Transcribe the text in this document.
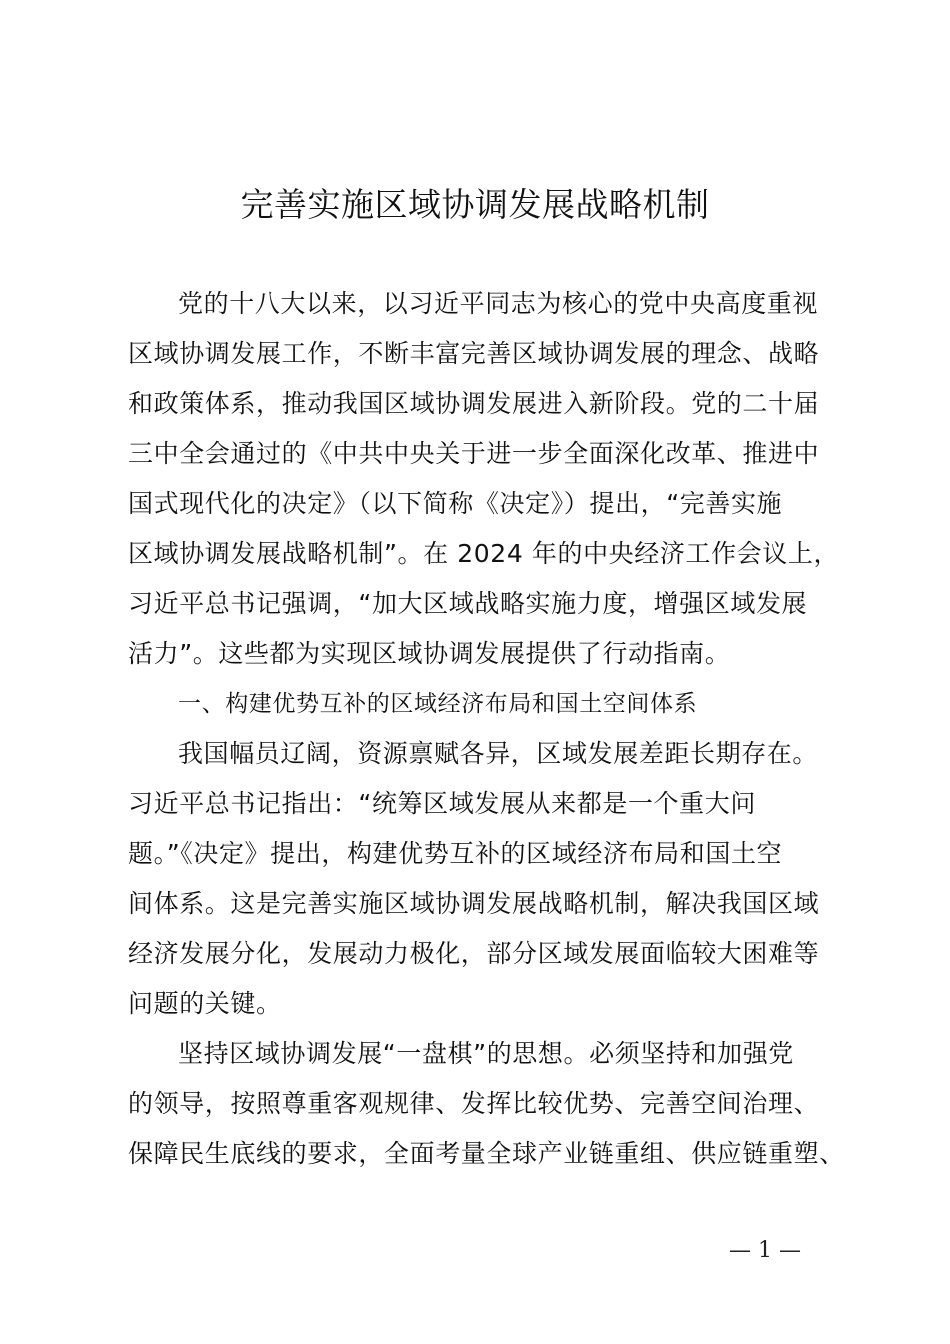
完善实施区域协调发展战略机制
党的十八大以来，以习近平同志为核心的党中央高度重视
区域协调发展工作，不断丰富完善区域协调发展的理念、战略
和政策体系，推动我国区域协调发展进入新阶段。党的二十届
三中全会通过的《中共中央关于进一步全面深化改革、推进中
国式现代化的决定》（以下简称《决定》）提出，“完善实施
区域协调发展战略机制”。在 2024 年的中央经济工作会议上，
习近平总书记强调，“加大区域战略实施力度，增强区域发展
活力”。这些都为实现区域协调发展提供了行动指南。
一、构建优势互补的区域经济布局和国土空间体系
我国幅员辽阔，资源禀赋各异，区域发展差距长期存在。
习近平总书记指出：“统筹区域发展从来都是一个重大问
题。”《决定》提出，构建优势互补的区域经济布局和国土空
间体系。这是完善实施区域协调发展战略机制，解决我国区域
经济发展分化，发展动力极化，部分区域发展面临较大困难等
问题的关键。
坚持区域协调发展“一盘棋”的思想。必须坚持和加强党
的领导，按照尊重客观规律、发挥比较优势、完善空间治理、
保障民生底线的要求，全面考量全球产业链重组、供应链重塑、
— 1 —
